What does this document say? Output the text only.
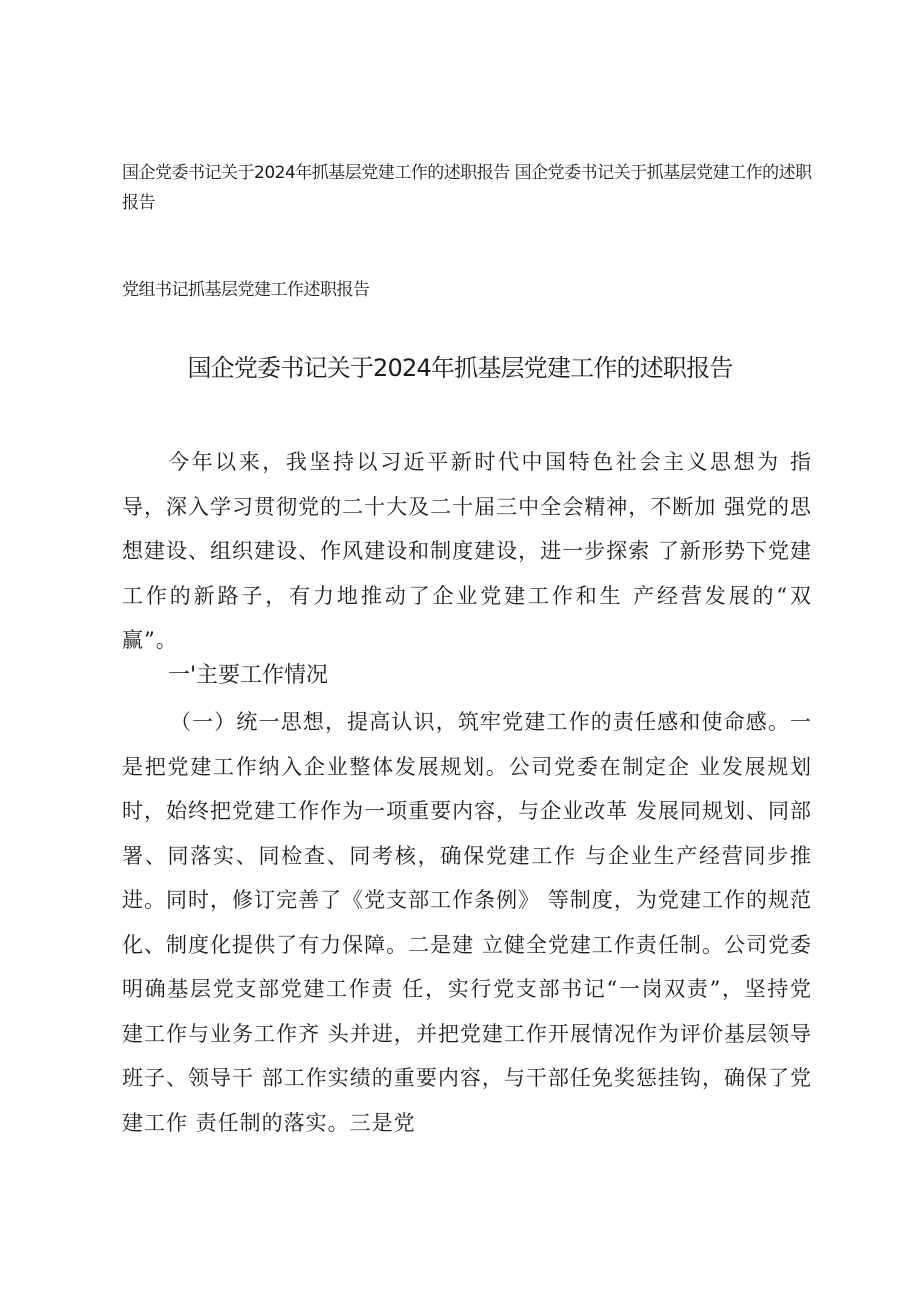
国企党委书记关于2024年抓基层党建工作的述职报告 国企党委书记关于抓基层党建工作的述职报告

党组书记抓基层党建工作述职报告

国企党委书记关于2024年抓基层党建工作的述职报告

今年以来，我坚持以习近平新时代中国特色社会主义思想为 指导，深入学习贯彻党的二十大及二十届三中全会精神，不断加 强党的思想建设、组织建设、作风建设和制度建设，进一步探索 了新形势下党建工作的新路子，有力地推动了企业党建工作和生 产经营发展的“双赢”。

一'主要工作情况

（一）统一思想，提高认识，筑牢党建工作的责任感和使命感。一是把党建工作纳入企业整体发展规划。公司党委在制定企 业发展规划时，始终把党建工作作为一项重要内容，与企业改革 发展同规划、同部署、同落实、同检查、同考核，确保党建工作 与企业生产经营同步推进。同时，修订完善了《党支部工作条例》 等制度，为党建工作的规范化、制度化提供了有力保障。二是建 立健全党建工作责任制。公司党委明确基层党支部党建工作责 任，实行党支部书记“一岗双责”，坚持党建工作与业务工作齐 头并进，并把党建工作开展情况作为评价基层领导班子、领导干 部工作实绩的重要内容，与干部任免奖惩挂钩，确保了党建工作 责任制的落实。三是党
